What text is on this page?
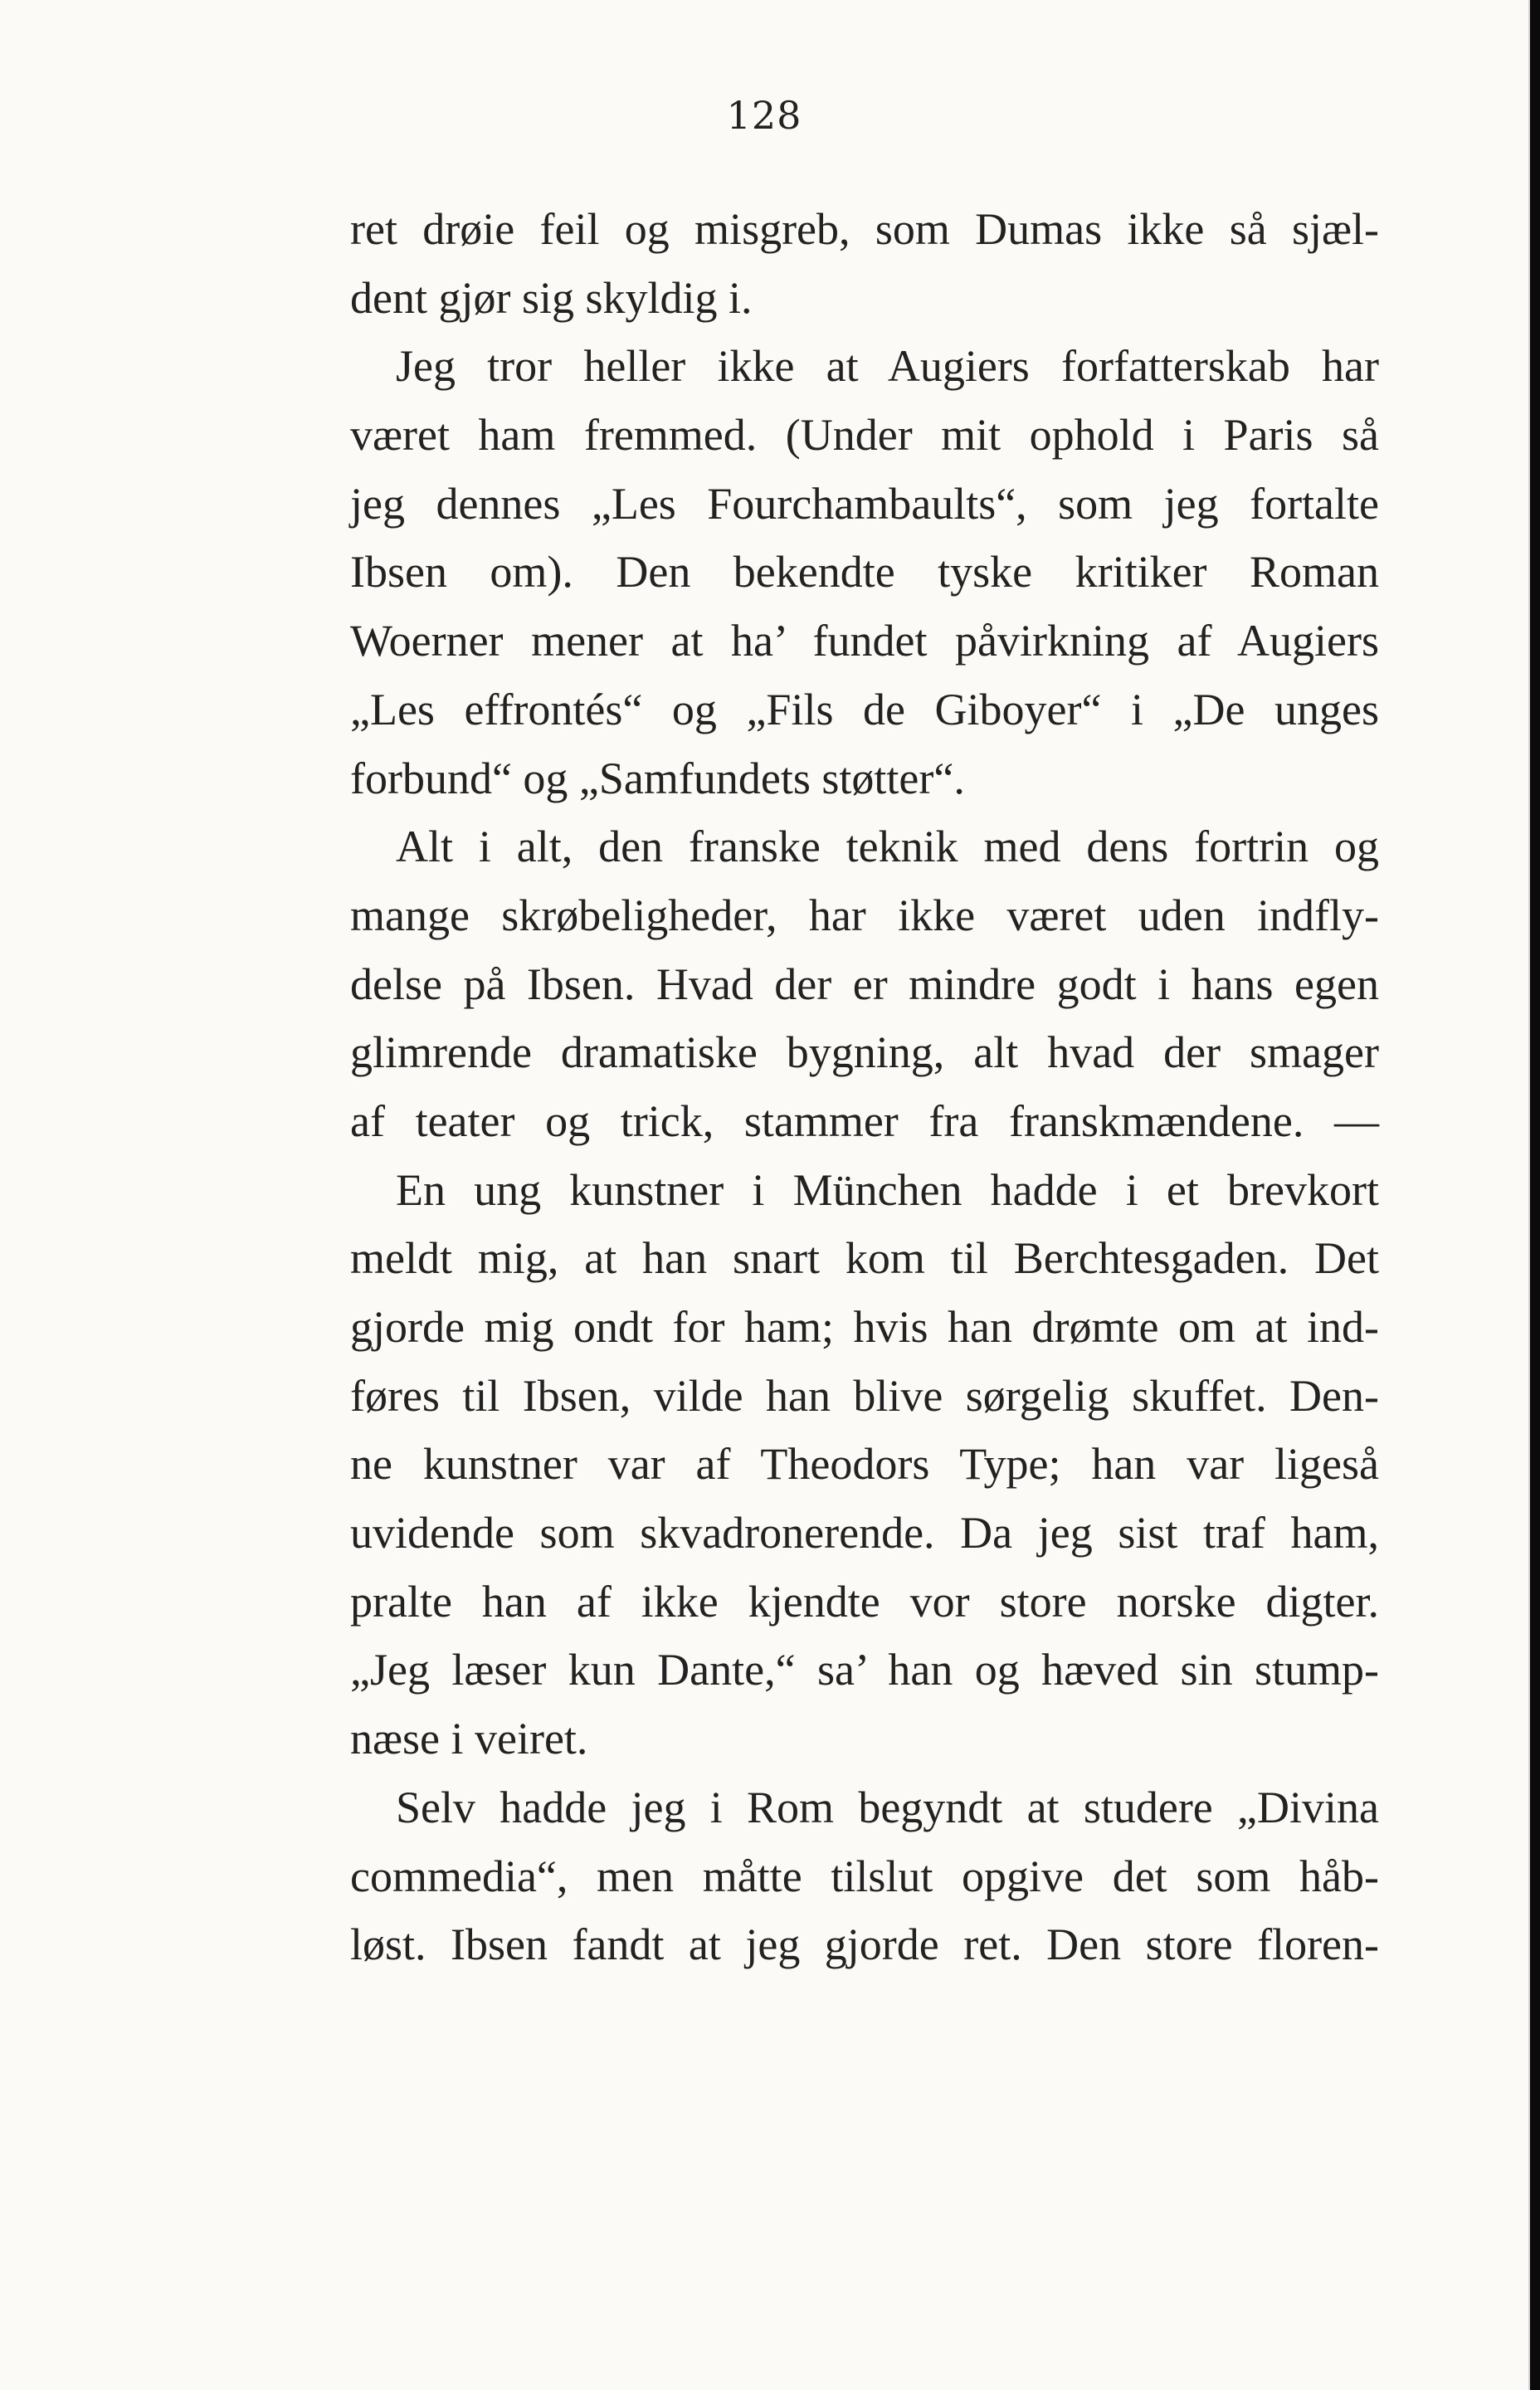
128
ret drøie feil og misgreb, som Dumas ikke så sjæl-
dent gjør sig skyldig i.
Jeg tror heller ikke at Augiers forfatterskab har
været ham fremmed. (Under mit ophold i Paris så
jeg dennes „Les Fourchambaults“, som jeg fortalte
Ibsen om). Den bekendte tyske kritiker Roman
Woerner mener at ha’ fundet påvirkning af Augiers
„Les effrontés“ og „Fils de Giboyer“ i „De unges
forbund“ og „Samfundets støtter“.
Alt i alt, den franske teknik med dens fortrin og
mange skrøbeligheder, har ikke været uden indfly-
delse på Ibsen. Hvad der er mindre godt i hans egen
glimrende dramatiske bygning, alt hvad der smager
af teater og trick, stammer fra franskmændene. —
En ung kunstner i München hadde i et brevkort
meldt mig, at han snart kom til Berchtesgaden. Det
gjorde mig ondt for ham; hvis han drømte om at ind-
føres til Ibsen, vilde han blive sørgelig skuffet. Den-
ne kunstner var af Theodors Type; han var ligeså
uvidende som skvadronerende. Da jeg sist traf ham,
pralte han af ikke kjendte vor store norske digter.
„Jeg læser kun Dante,“ sa’ han og hæved sin stump-
næse i veiret.
Selv hadde jeg i Rom begyndt at studere „Divina
commedia“, men måtte tilslut opgive det som håb-
løst. Ibsen fandt at jeg gjorde ret. Den store floren-
